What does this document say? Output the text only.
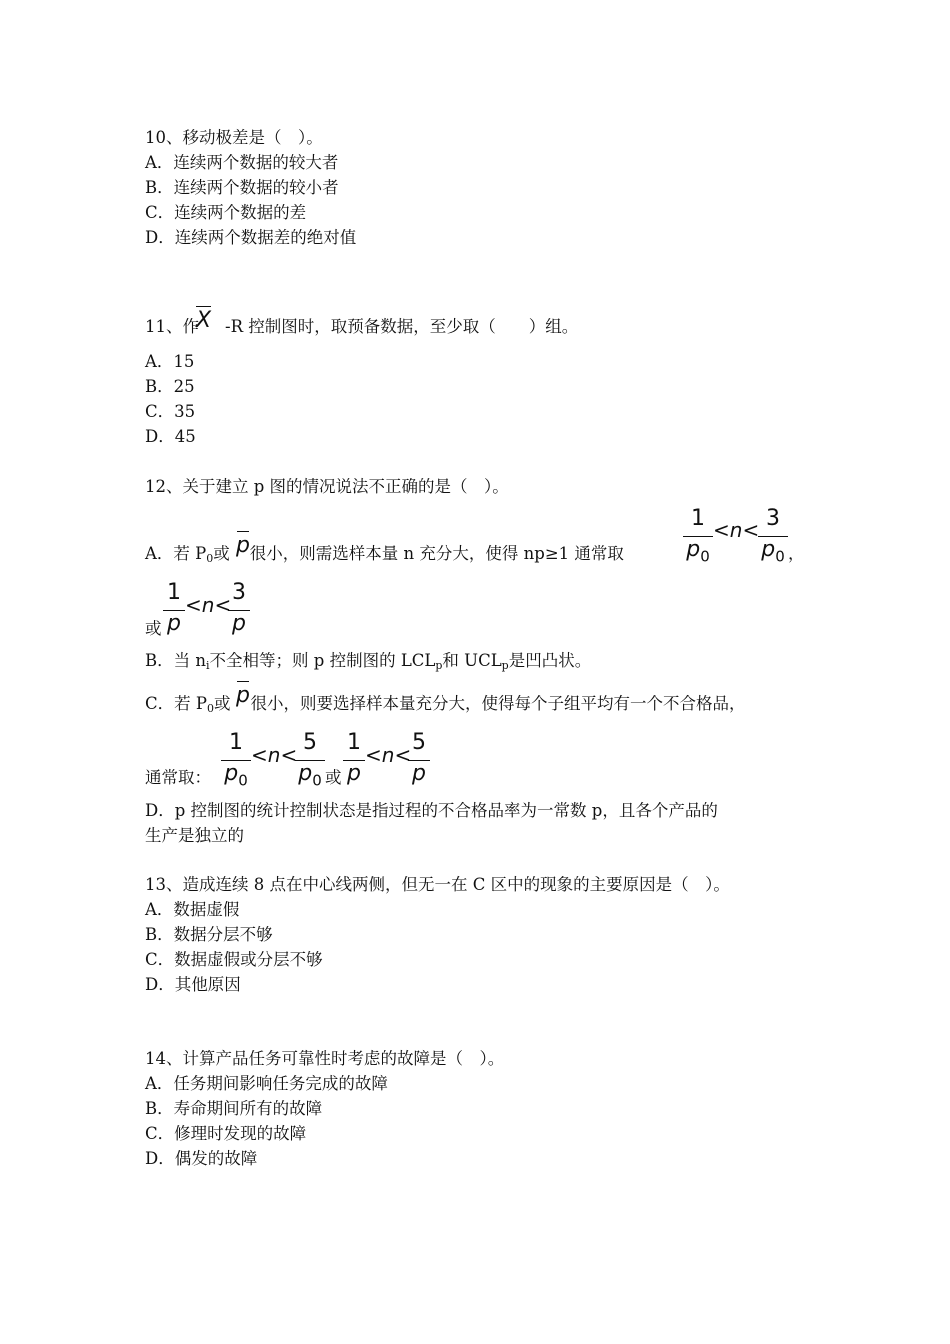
10、移动极差是（　）。
A．连续两个数据的较大者
B．连续两个数据的较小者
C．连续两个数据的差
D．连续两个数据差的绝对值
11、作 -R 控制图时，取预备数据，至少取（　　）组。
X
A．15
B．25
C．35
D．45
12、关于建立 p 图的情况说法不正确的是（　）。
A．若 $P_0$或 很小，则需选样本量 n 充分大，使得 np≥1 通常取
p
1
$p_0$
<n< 3
$p_0$ ，
或
1
p
<n< 3
p
B．当 $n_i$不全相等；则 p 控制图的 $LCL_p$和 $UCL_p$是凹凸状。
C．若 $P_0$或 很小，则要选择样本量充分大，使得每个子组平均有一个不合格品，
p
通常取：
1
$p_0$
<n< 5
$p_0$ 或
1
p
<n< 5
p
D．p 控制图的统计控制状态是指过程的不合格品率为一常数 p，且各个产品的
生产是独立的
13、造成连续 8 点在中心线两侧，但无一在 C 区中的现象的主要原因是（　）。
A．数据虚假
B．数据分层不够
C．数据虚假或分层不够
D．其他原因
14、计算产品任务可靠性时考虑的故障是（　）。
A．任务期间影响任务完成的故障
B．寿命期间所有的故障
C．修理时发现的故障
D．偶发的故障
